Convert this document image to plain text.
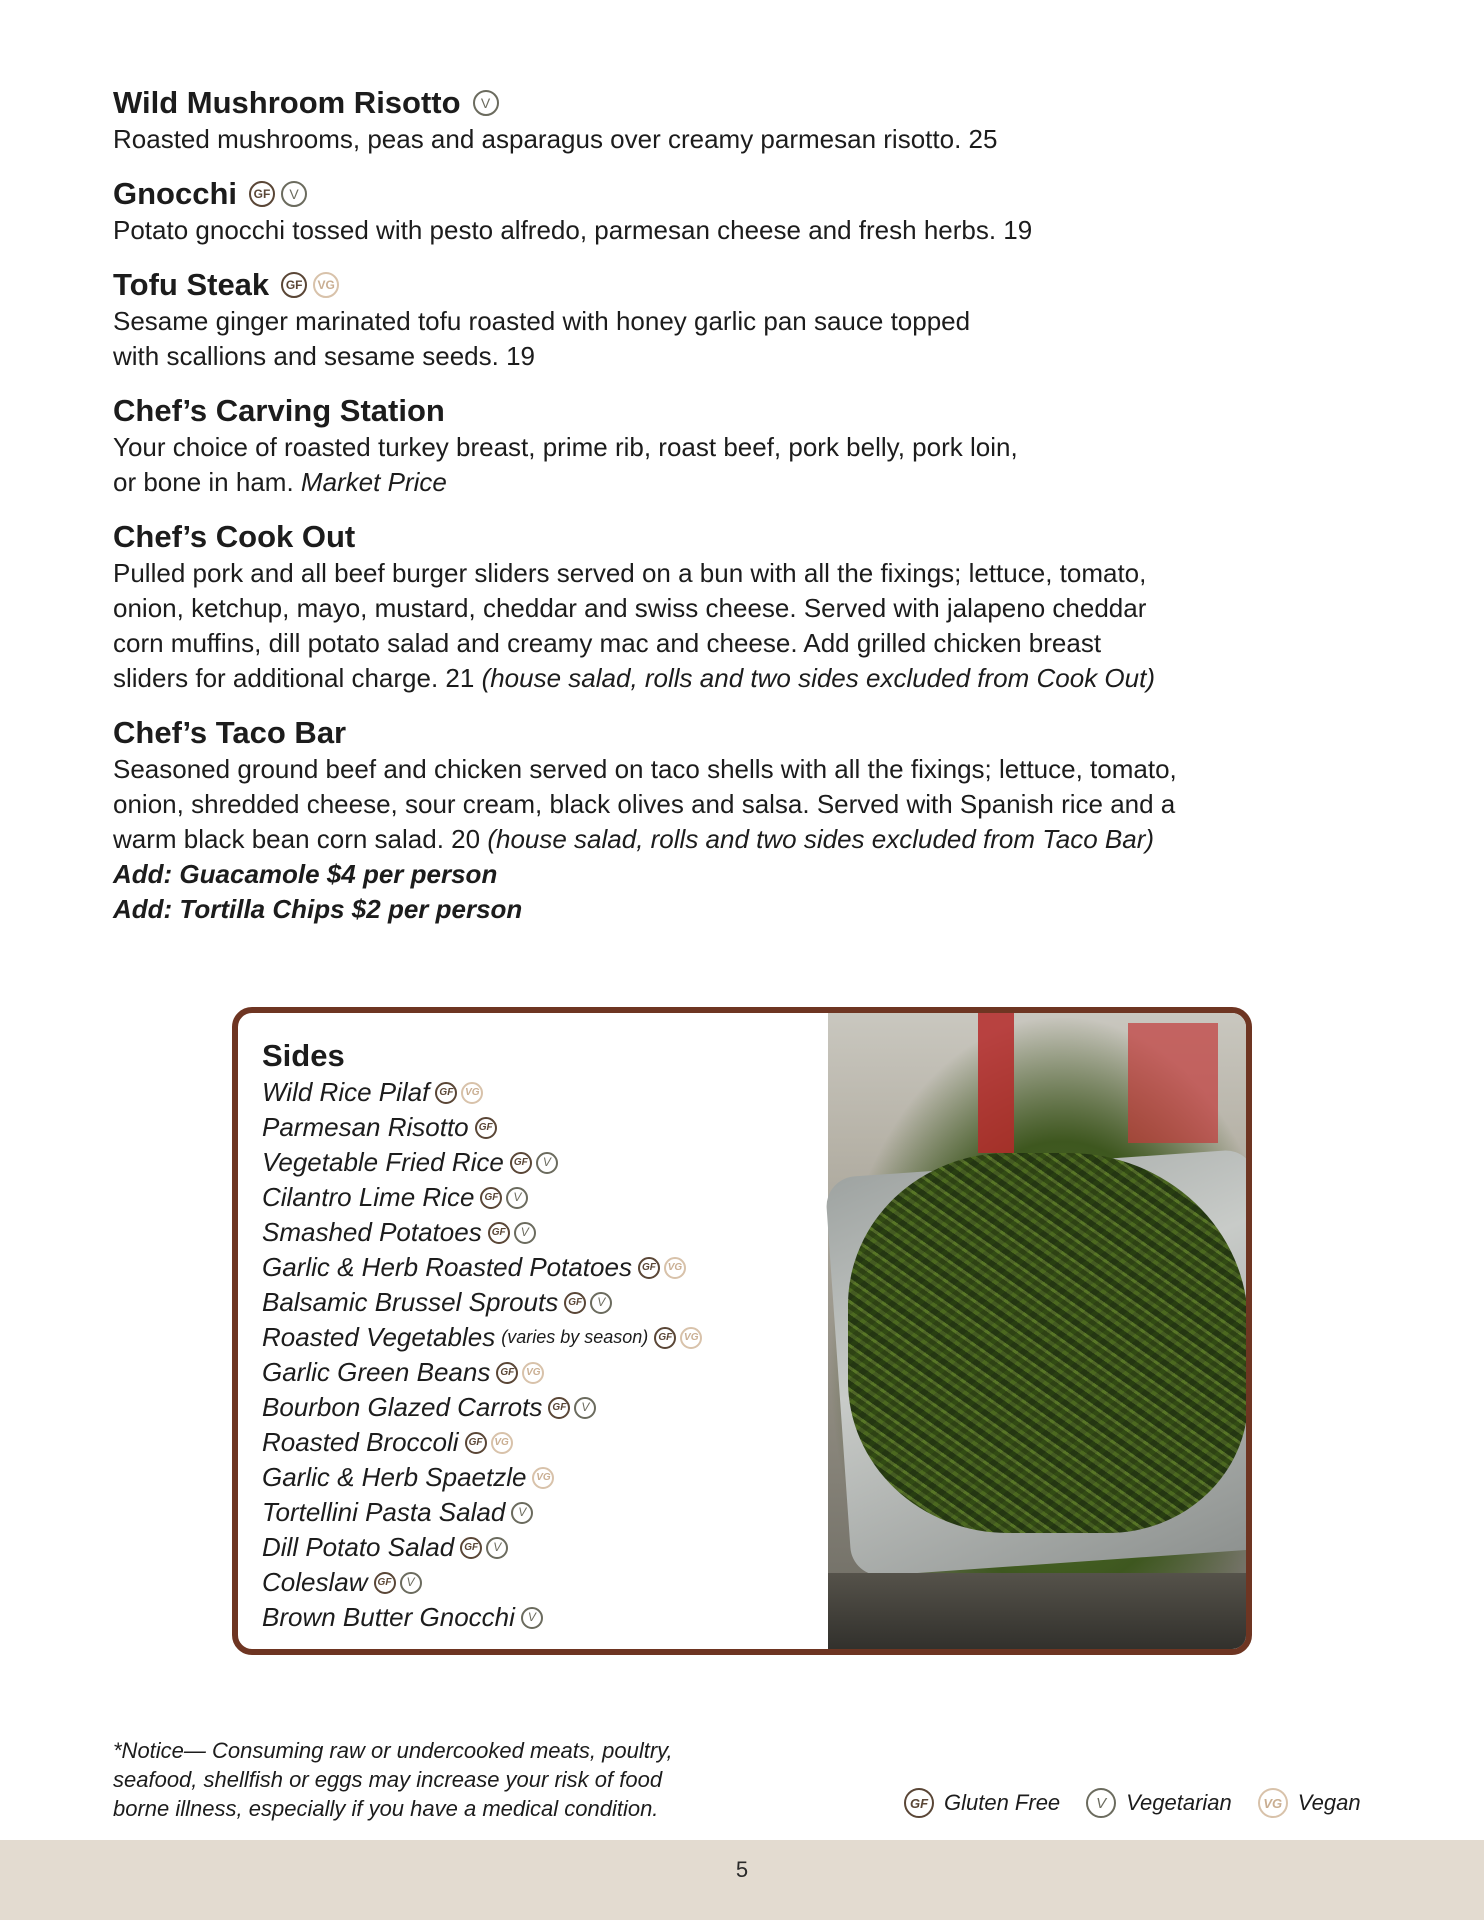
Wild Mushroom Risotto	V
Roasted mushrooms, peas and asparagus over creamy parmesan risotto. 25
Gnocchi	GF	V
Potato gnocchi tossed with pesto alfredo, parmesan cheese and fresh herbs. 19
Tofu Steak	GF	VG
Sesame ginger marinated tofu roasted with honey garlic pan sauce topped
with scallions and sesame seeds. 19
Chef’s Carving Station
Your choice of roasted turkey breast, prime rib, roast beef, pork belly, pork loin,
or bone in ham. Market Price
Chef’s Cook Out
Pulled pork and all beef burger sliders served on a bun with all the fixings; lettuce, tomato,
onion, ketchup, mayo, mustard, cheddar and swiss cheese. Served with jalapeno cheddar
corn muffins, dill potato salad and creamy mac and cheese. Add grilled chicken breast
sliders for additional charge. 21 (house salad, rolls and two sides excluded from Cook Out)
Chef’s Taco Bar
Seasoned ground beef and chicken served on taco shells with all the fixings; lettuce, tomato,
onion, shredded cheese, sour cream, black olives and salsa. Served with Spanish rice and a
warm black bean corn salad. 20 (house salad, rolls and two sides excluded from Taco Bar)
Add: Guacamole $4 per person
Add: Tortilla Chips $2 per person
Sides
Wild Rice Pilaf	GF	VG
Parmesan Risotto	GF
Vegetable Fried Rice	GF	V
Cilantro Lime Rice	GF	V
Smashed Potatoes	GF	V
Garlic & Herb Roasted Potatoes	GF	VG
Balsamic Brussel Sprouts	GF	V
Roasted Vegetables (varies by season)	GF	VG
Garlic Green Beans	GF	VG
Bourbon Glazed Carrots	GF	V
Roasted Broccoli	GF	VG
Garlic & Herb Spaetzle VG
Tortellini Pasta Salad	V
Dill Potato Salad	GF	V
Coleslaw	GF	V
Brown Butter Gnocchi	V
*Notice— Consuming raw or undercooked meats, poultry,
seafood, shellfish or eggs may increase your risk of food
borne illness, especially if you have a medical condition.	GF Gluten Free	V Vegetarian	VG Vegan
5
